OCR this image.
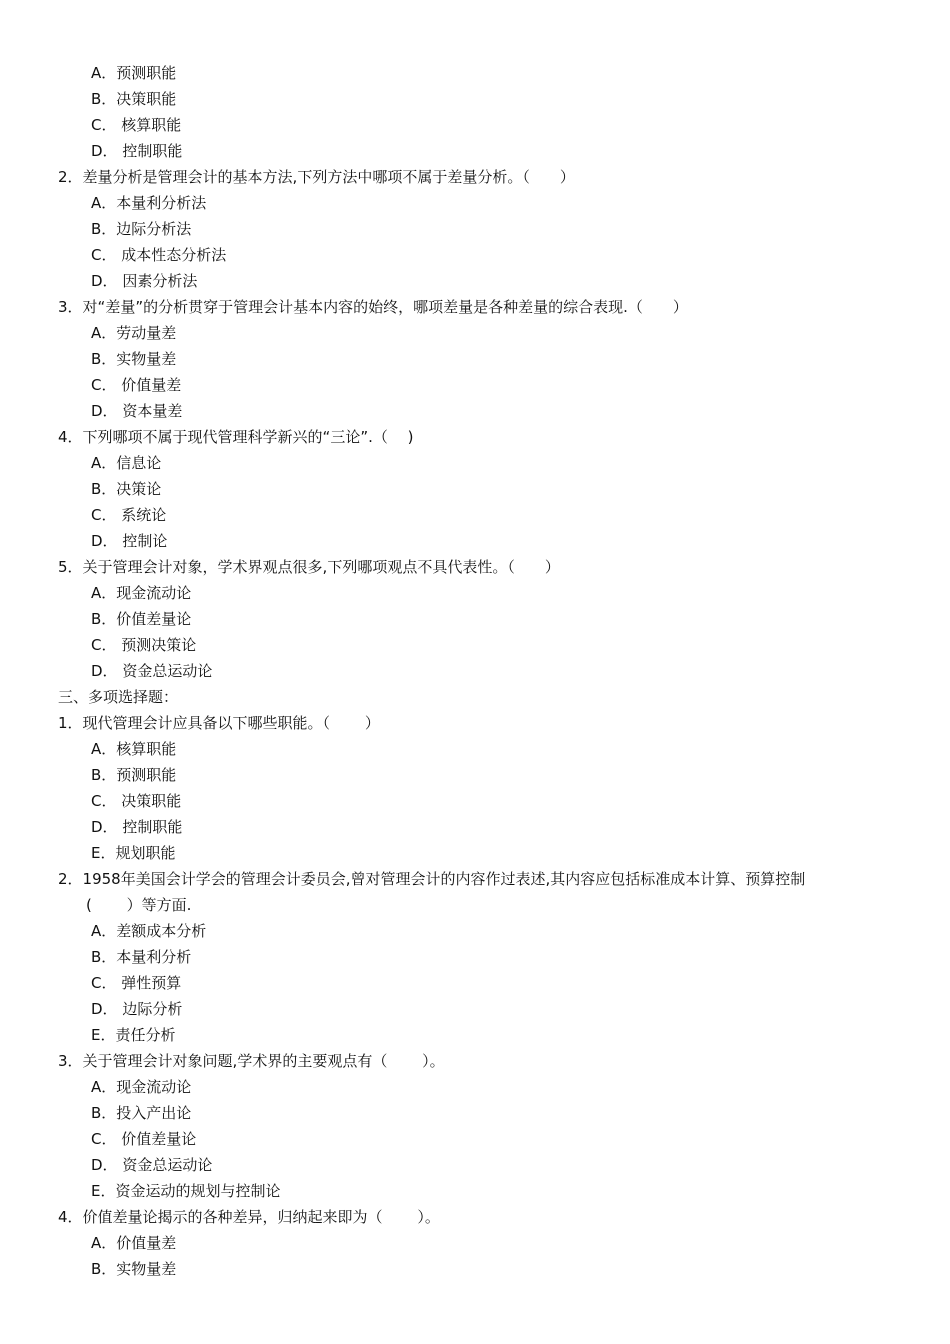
A．预测职能
B．决策职能
C． 核算职能
D． 控制职能
2．差量分析是管理会计的基本方法,下列方法中哪项不属于差量分析。（　　）
A．本量利分析法
B．边际分析法
C． 成本性态分析法
D． 因素分析法
3．对“差量”的分析贯穿于管理会计基本内容的始终，哪项差量是各种差量的综合表现.（　　）
A．劳动量差
B．实物量差
C． 价值量差
D． 资本量差
4．下列哪项不属于现代管理科学新兴的“三论”.（　 )
A．信息论
B．决策论
C． 系统论
D． 控制论
5．关于管理会计对象，学术界观点很多,下列哪项观点不具代表性。（　　）
A．现金流动论
B．价值差量论
C． 预测决策论
D． 资金总运动论
三、多项选择题：
1．现代管理会计应具备以下哪些职能。（　　 ）
A．核算职能
B．预测职能
C． 决策职能
D． 控制职能
E．规划职能
2．1958年美国会计学会的管理会计委员会,曾对管理会计的内容作过表述,其内容应包括标准成本计算、预算控制
(　　 ）等方面.
A．差额成本分析
B．本量利分析
C． 弹性预算
D． 边际分析
E．责任分析
3．关于管理会计对象问题,学术界的主要观点有（　　 ）。
A．现金流动论
B．投入产出论
C． 价值差量论
D． 资金总运动论
E．资金运动的规划与控制论
4．价值差量论揭示的各种差异，归纳起来即为（　　 ）。
A．价值量差
B．实物量差
